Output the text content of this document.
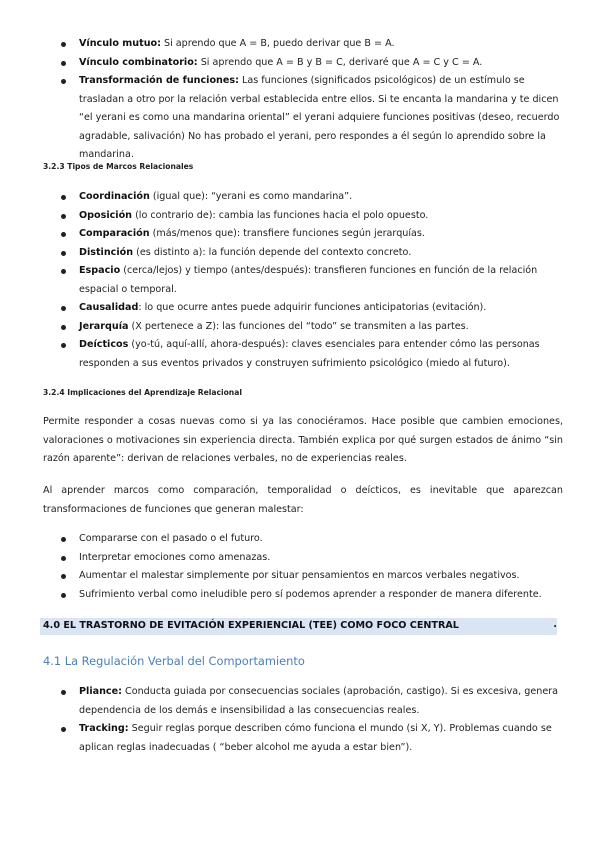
Vínculo mutuo: Si aprendo que A = B, puedo derivar que B = A.
Vínculo combinatorio: Si aprendo que A = B y B = C, derivaré que A = C y C = A.
Transformación de funciones: Las funciones (significados psicológicos) de un estímulo se trasladan a otro por la relación verbal establecida entre ellos. Si te encanta la mandarina y te dicen “el yerani es como una mandarina oriental” el yerani adquiere funciones positivas (deseo, recuerdo agradable, salivación) No has probado el yerani, pero respondes a él según lo aprendido sobre la mandarina.
3.2.3 Tipos de Marcos Relacionales
Coordinación (igual que): “yerani es como mandarina”.
Oposición (lo contrario de): cambia las funciones hacia el polo opuesto.
Comparación (más/menos que): transfiere funciones según jerarquías.
Distinción (es distinto a): la función depende del contexto concreto.
Espacio (cerca/lejos) y tiempo (antes/después): transfieren funciones en función de la relación espacial o temporal.
Causalidad: lo que ocurre antes puede adquirir funciones anticipatorias (evitación).
Jerarquía (X pertenece a Z): las funciones del “todo” se transmiten a las partes.
Deícticos (yo-tú, aquí-allí, ahora-después): claves esenciales para entender cómo las personas responden a sus eventos privados y construyen sufrimiento psicológico (miedo al futuro).
3.2.4 Implicaciones del Aprendizaje Relacional

Permite responder a cosas nuevas como si ya las conociéramos. Hace posible que cambien emociones, valoraciones o motivaciones sin experiencia directa. También explica por qué surgen estados de ánimo “sin razón aparente”: derivan de relaciones verbales, no de experiencias reales.

Al aprender marcos como comparación, temporalidad o deícticos, es inevitable que aparezcan transformaciones de funciones que generan malestar:

Compararse con el pasado o el futuro.
Interpretar emociones como amenazas.
Aumentar el malestar simplemente por situar pensamientos en marcos verbales negativos.
Sufrimiento verbal como ineludible pero sí podemos aprender a responder de manera diferente.
4.0 EL TRASTORNO DE EVITACIÓN EXPERIENCIAL (TEE) COMO FOCO CENTRAL	.
4.1 La Regulación Verbal del Comportamiento
Pliance: Conducta guiada por consecuencias sociales (aprobación, castigo). Si es excesiva, genera dependencia de los demás e insensibilidad a las consecuencias reales.
Tracking: Seguir reglas porque describen cómo funciona el mundo (si X, Y). Problemas cuando se aplican reglas inadecuadas ( “beber alcohol me ayuda a estar bien”).
